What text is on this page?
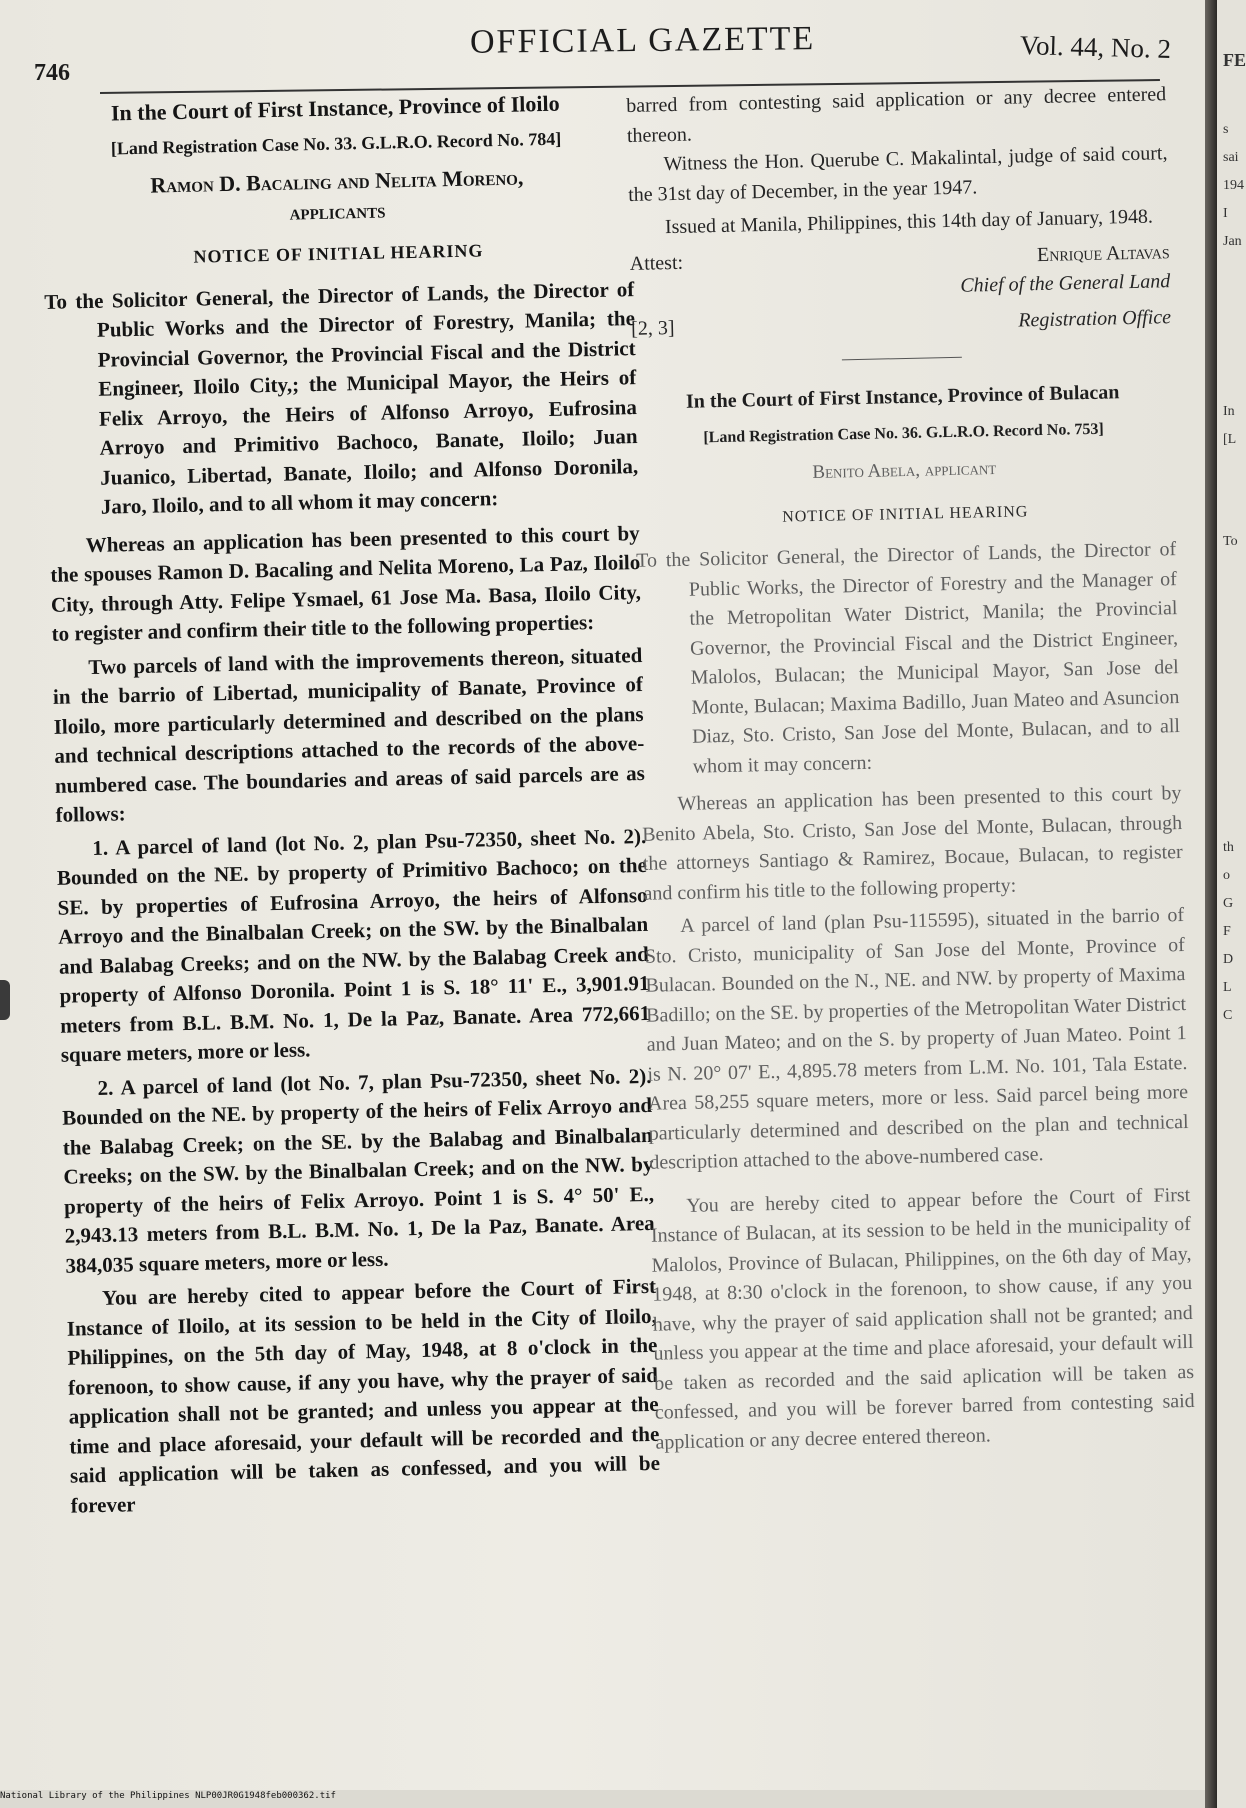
746
OFFICIAL GAZETTE	Vol. 44, No. 2

In the Court of First Instance, Province of Iloilo

[Land Registration Case No. 33. G.L.R.O. Record No. 784]

Ramon D. Bacaling and Nelita Moreno,
applicants

NOTICE OF INITIAL HEARING

To the Solicitor General, the Director of Lands, the Director of Public Works and the Director of Forestry, Manila; the Provincial Governor, the Provincial Fiscal and the District Engineer, Iloilo City,; the Municipal Mayor, the Heirs of Felix Arroyo, the Heirs of Alfonso Arroyo, Eufrosina Arroyo and Primitivo Bachoco, Banate, Iloilo; Juan Juanico, Libertad, Banate, Iloilo; and Alfonso Doronila, Jaro, Iloilo, and to all whom it may concern:

Whereas an application has been presented to this court by the spouses Ramon D. Bacaling and Nelita Moreno, La Paz, Iloilo City, through Atty. Felipe Ysmael, 61 Jose Ma. Basa, Iloilo City, to register and confirm their title to the following properties:

Two parcels of land with the improvements thereon, situated in the barrio of Libertad, municipality of Banate, Province of Iloilo, more particularly determined and described on the plans and technical descriptions attached to the records of the above-numbered case. The boundaries and areas of said parcels are as follows:

1. A parcel of land (lot No. 2, plan Psu-72350, sheet No. 2). Bounded on the NE. by property of Primitivo Bachoco; on the SE. by properties of Eufrosina Arroyo, the heirs of Alfonso Arroyo and the Binalbalan Creek; on the SW. by the Binalbalan and Balabag Creeks; and on the NW. by the Balabag Creek and property of Alfonso Doronila. Point 1 is S. 18° 11' E., 3,901.91 meters from B.L. B.M. No. 1, De la Paz, Banate. Area 772,661 square meters, more or less.

2. A parcel of land (lot No. 7, plan Psu-72350, sheet No. 2). Bounded on the NE. by property of the heirs of Felix Arroyo and the Balabag Creek; on the SE. by the Balabag and Binalbalan Creeks; on the SW. by the Binalbalan Creek; and on the NW. by property of the heirs of Felix Arroyo. Point 1 is S. 4° 50' E., 2,943.13 meters from B.L. B.M. No. 1, De la Paz, Banate. Area 384,035 square meters, more or less.

You are hereby cited to appear before the Court of First Instance of Iloilo, at its session to be held in the City of Iloilo, Philippines, on the 5th day of May, 1948, at 8 o'clock in the forenoon, to show cause, if any you have, why the prayer of said application shall not be granted; and unless you appear at the time and place aforesaid, your default will be recorded and the said application will be taken as confessed, and you will be forever

barred from contesting said application or any decree entered thereon.

Witness the Hon. Querube C. Makalintal, judge of said court, the 31st day of December, in the year 1947.

Issued at Manila, Philippines, this 14th day of January, 1948.

Attest:	Enrique Altavas
Chief of the General Land
[2, 3]	Registration Office

In the Court of First Instance, Province of Bulacan

[Land Registration Case No. 36. G.L.R.O. Record No. 753]

Benito Abela, applicant

NOTICE OF INITIAL HEARING

To the Solicitor General, the Director of Lands, the Director of Public Works, the Director of Forestry and the Manager of the Metropolitan Water District, Manila; the Provincial Governor, the Provincial Fiscal and the District Engineer, Malolos, Bulacan; the Municipal Mayor, San Jose del Monte, Bulacan; Maxima Badillo, Juan Mateo and Asuncion Diaz, Sto. Cristo, San Jose del Monte, Bulacan, and to all whom it may concern:

Whereas an application has been presented to this court by Benito Abela, Sto. Cristo, San Jose del Monte, Bulacan, through the attorneys Santiago & Ramirez, Bocaue, Bulacan, to register and confirm his title to the following property:

A parcel of land (plan Psu-115595), situated in the barrio of Sto. Cristo, municipality of San Jose del Monte, Province of Bulacan. Bounded on the N., NE. and NW. by property of Maxima Badillo; on the SE. by properties of the Metropolitan Water District and Juan Mateo; and on the S. by property of Juan Mateo. Point 1 is N. 20° 07' E., 4,895.78 meters from L.M. No. 101, Tala Estate. Area 58,255 square meters, more or less. Said parcel being more particularly determined and described on the plan and technical description attached to the above-numbered case.

You are hereby cited to appear before the Court of First Instance of Bulacan, at its session to be held in the municipality of Malolos, Province of Bulacan, Philippines, on the 6th day of May, 1948, at 8:30 o'clock in the forenoon, to show cause, if any you have, why the prayer of said application shall not be granted; and unless you appear at the time and place aforesaid, your default will be taken as recorded and the said aplication will be taken as confessed, and you will be forever barred from contesting said application or any decree entered thereon.

FE
s
sai
194
I
Jan
In
[L
To
th
o
G
F
D
L
C
National Library of the Philippines NLP00JR0G1948feb000362.tif
